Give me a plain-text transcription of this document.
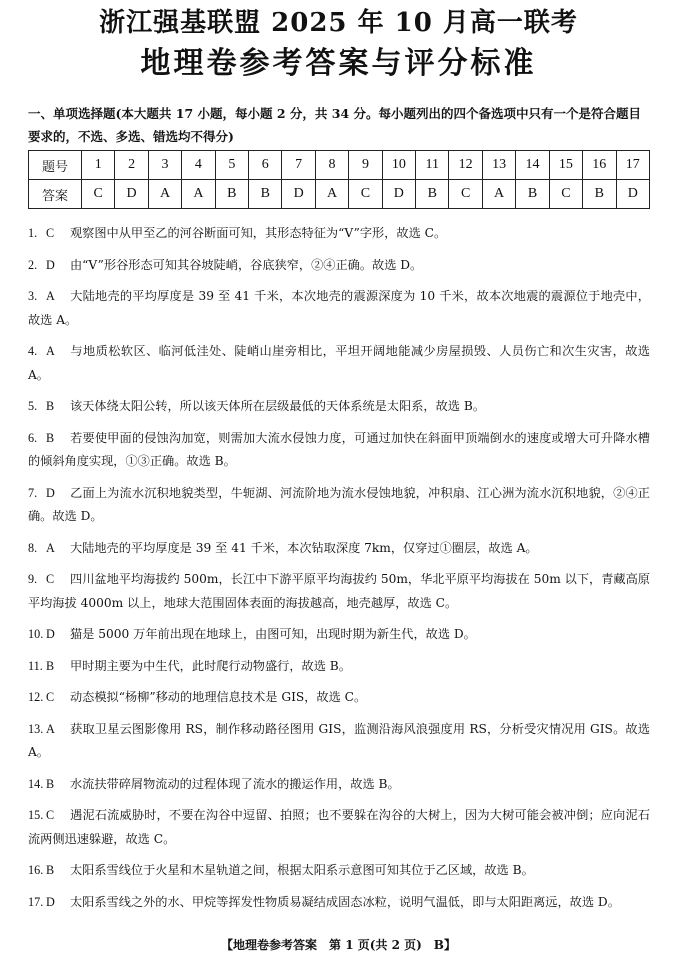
浙江强基联盟 2025 年 10 月高一联考
地理卷参考答案与评分标准
一、单项选择题(本大题共 17 小题，每小题 2 分，共 34 分。每小题列出的四个备选项中只有一个是符合题目要求的，不选、多选、错选均不得分)
题号	1	2	3	4	5	6	7	8	9	10	11	12	13	14	15	16	17
答案	C	D	A	A	B	B	D	A	C	D	B	C	A	B	C	B	D
1. C 观察图中从甲至乙的河谷断面可知，其形态特征为“V”字形，故选 C。
2. D 由“V”形谷形态可知其谷坡陡峭，谷底狭窄，②④正确。故选 D。
3. A 大陆地壳的平均厚度是 39 至 41 千米，本次地壳的震源深度为 10 千米，故本次地震的震源位于地壳中，故选 A。
4. A 与地质松软区、临河低洼处、陡峭山崖旁相比，平坦开阔地能减少房屋损毁、人员伤亡和次生灾害，故选 A。
5. B 该天体绕太阳公转，所以该天体所在层级最低的天体系统是太阳系，故选 B。
6. B 若要使甲面的侵蚀沟加宽，则需加大流水侵蚀力度，可通过加快在斜面甲顶端倒水的速度或增大可升降水槽的倾斜角度实现，①③正确。故选 B。
7. D 乙面上为流水沉积地貌类型，牛轭湖、河流阶地为流水侵蚀地貌，冲积扇、江心洲为流水沉积地貌，②④正确。故选 D。
8. A 大陆地壳的平均厚度是 39 至 41 千米，本次钻取深度 7km，仅穿过①圈层，故选 A。
9. C 四川盆地平均海拔约 500m，长江中下游平原平均海拔约 50m，华北平原平均海拔在 50m 以下，青藏高原平均海拔 4000m 以上，地球大范围固体表面的海拔越高，地壳越厚，故选 C。
10. D 猫是 5000 万年前出现在地球上，由图可知，出现时期为新生代，故选 D。
11. B 甲时期主要为中生代，此时爬行动物盛行，故选 B。
12. C 动态模拟“杨柳”移动的地理信息技术是 GIS，故选 C。
13. A 获取卫星云图影像用 RS，制作移动路径图用 GIS，监测沿海风浪强度用 RS，分析受灾情况用 GIS。故选 A。
14. B 水流扶带碎屑物流动的过程体现了流水的搬运作用，故选 B。
15. C 遇泥石流威胁时，不要在沟谷中逗留、拍照；也不要躲在沟谷的大树上，因为大树可能会被冲倒；应向泥石流两侧迅速躲避，故选 C。
16. B 太阳系雪线位于火星和木星轨道之间，根据太阳系示意图可知其位于乙区域，故选 B。
17. D 太阳系雪线之外的水、甲烷等挥发性物质易凝结成固态冰粒，说明气温低，即与太阳距离远，故选 D。
【地理卷参考答案　第 1 页(共 2 页)　B】
